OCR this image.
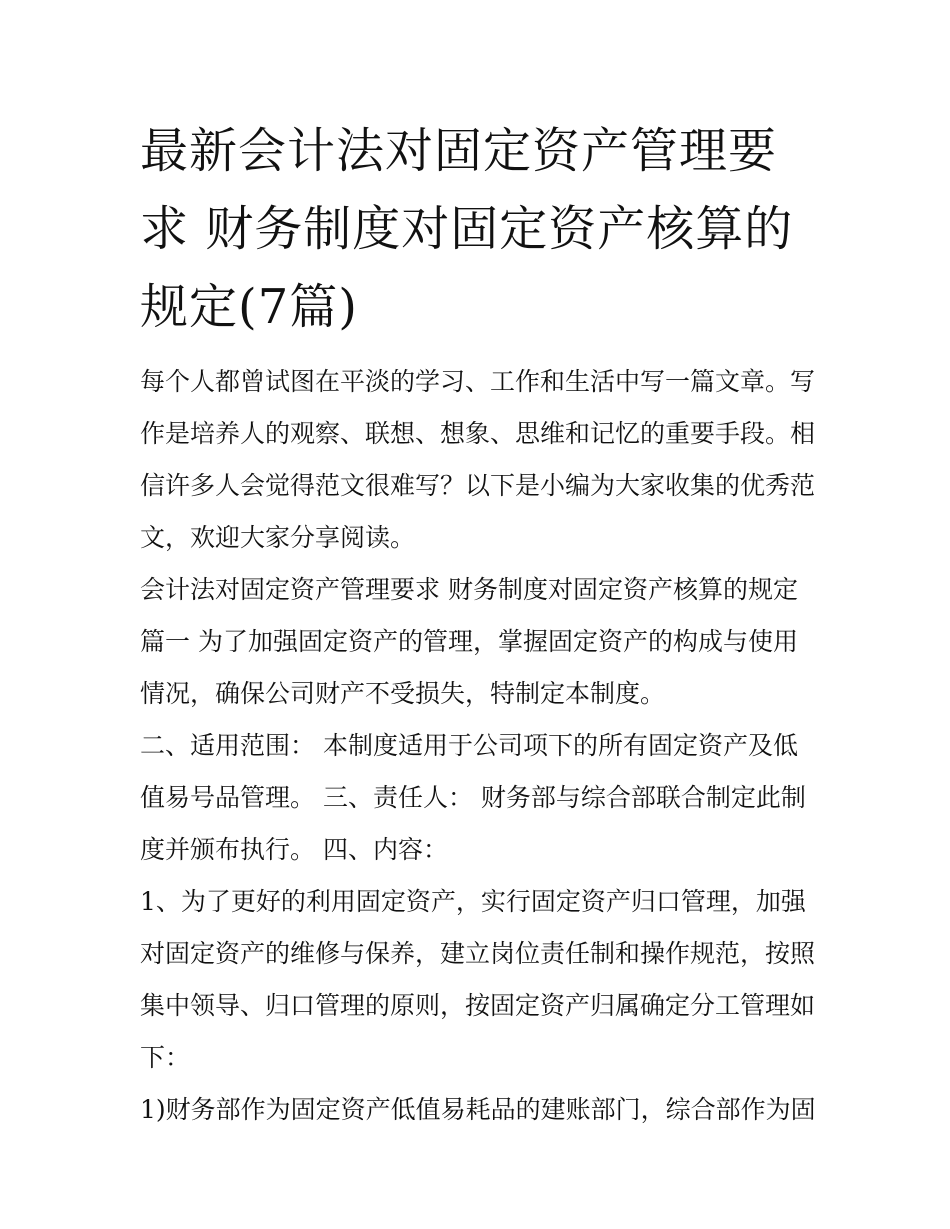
最新会计法对固定资产管理要
求 财务制度对固定资产核算的
规定(7篇)

每个人都曾试图在平淡的学习、工作和生活中写一篇文章。写
作是培养人的观察、联想、想象、思维和记忆的重要手段。相
信许多人会觉得范文很难写？以下是小编为大家收集的优秀范
文，欢迎大家分享阅读。

会计法对固定资产管理要求 财务制度对固定资产核算的规定
篇一 为了加强固定资产的管理，掌握固定资产的构成与使用
情况，确保公司财产不受损失，特制定本制度。

二、适用范围： 本制度适用于公司项下的所有固定资产及低
值易号品管理。 三、责任人： 财务部与综合部联合制定此制
度并颁布执行。 四、内容：

1、为了更好的利用固定资产，实行固定资产归口管理，加强
对固定资产的维修与保养，建立岗位责任制和操作规范，按照
集中领导、归口管理的原则，按固定资产归属确定分工管理如
下：

1)财务部作为固定资产低值易耗品的建账部门，综合部作为固
